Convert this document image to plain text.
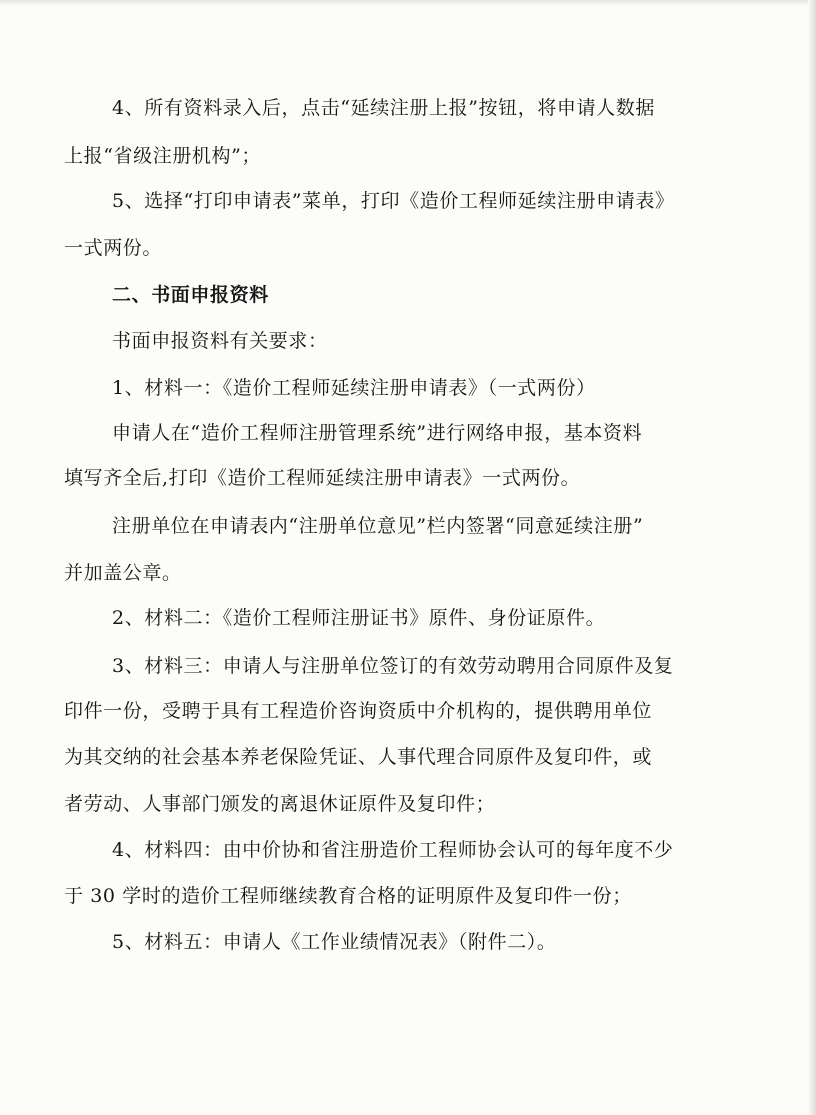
4、所有资料录入后，点击“延续注册上报”按钮，将申请人数据
上报“省级注册机构”；
5、选择“打印申请表”菜单，打印《造价工程师延续注册申请表》
一式两份。
二、书面申报资料
书面申报资料有关要求：
1、材料一：《造价工程师延续注册申请表》（一式两份）
申请人在“造价工程师注册管理系统”进行网络申报，基本资料
填写齐全后,打印《造价工程师延续注册申请表》一式两份。
注册单位在申请表内“注册单位意见”栏内签署“同意延续注册”
并加盖公章。
2、材料二：《造价工程师注册证书》原件、身份证原件。
3、材料三：申请人与注册单位签订的有效劳动聘用合同原件及复
印件一份，受聘于具有工程造价咨询资质中介机构的，提供聘用单位
为其交纳的社会基本养老保险凭证、人事代理合同原件及复印件，或
者劳动、人事部门颁发的离退休证原件及复印件；
4、材料四：由中价协和省注册造价工程师协会认可的每年度不少
于 30 学时的造价工程师继续教育合格的证明原件及复印件一份；
5、材料五：申请人《工作业绩情况表》（附件二）。
